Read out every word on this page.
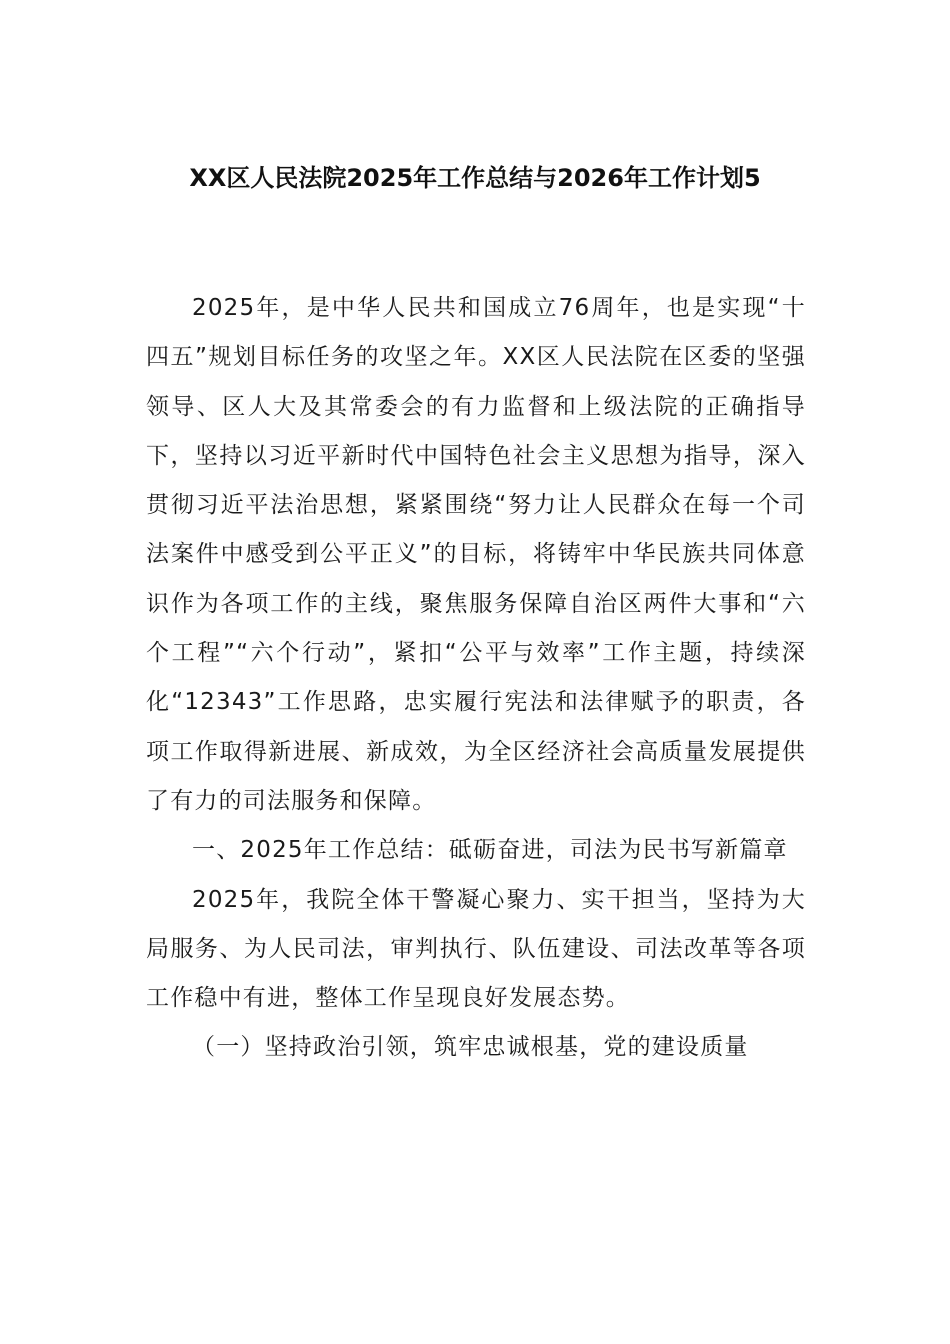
XX区人民法院2025年工作总结与2026年工作计划5

2025年，是中华人民共和国成立76周年，也是实现“十四五”规划目标任务的攻坚之年。XX区人民法院在区委的坚强领导、区人大及其常委会的有力监督和上级法院的正确指导下，坚持以习近平新时代中国特色社会主义思想为指导，深入贯彻习近平法治思想，紧紧围绕“努力让人民群众在每一个司法案件中感受到公平正义”的目标，将铸牢中华民族共同体意识作为各项工作的主线，聚焦服务保障自治区两件大事和“六个工程”“六个行动”，紧扣“公平与效率”工作主题，持续深化“12343”工作思路，忠实履行宪法和法律赋予的职责，各项工作取得新进展、新成效，为全区经济社会高质量发展提供了有力的司法服务和保障。

一、2025年工作总结：砥砺奋进，司法为民书写新篇章

2025年，我院全体干警凝心聚力、实干担当，坚持为大局服务、为人民司法，审判执行、队伍建设、司法改革等各项工作稳中有进，整体工作呈现良好发展态势。

（一）坚持政治引领，筑牢忠诚根基，党的建设质量
